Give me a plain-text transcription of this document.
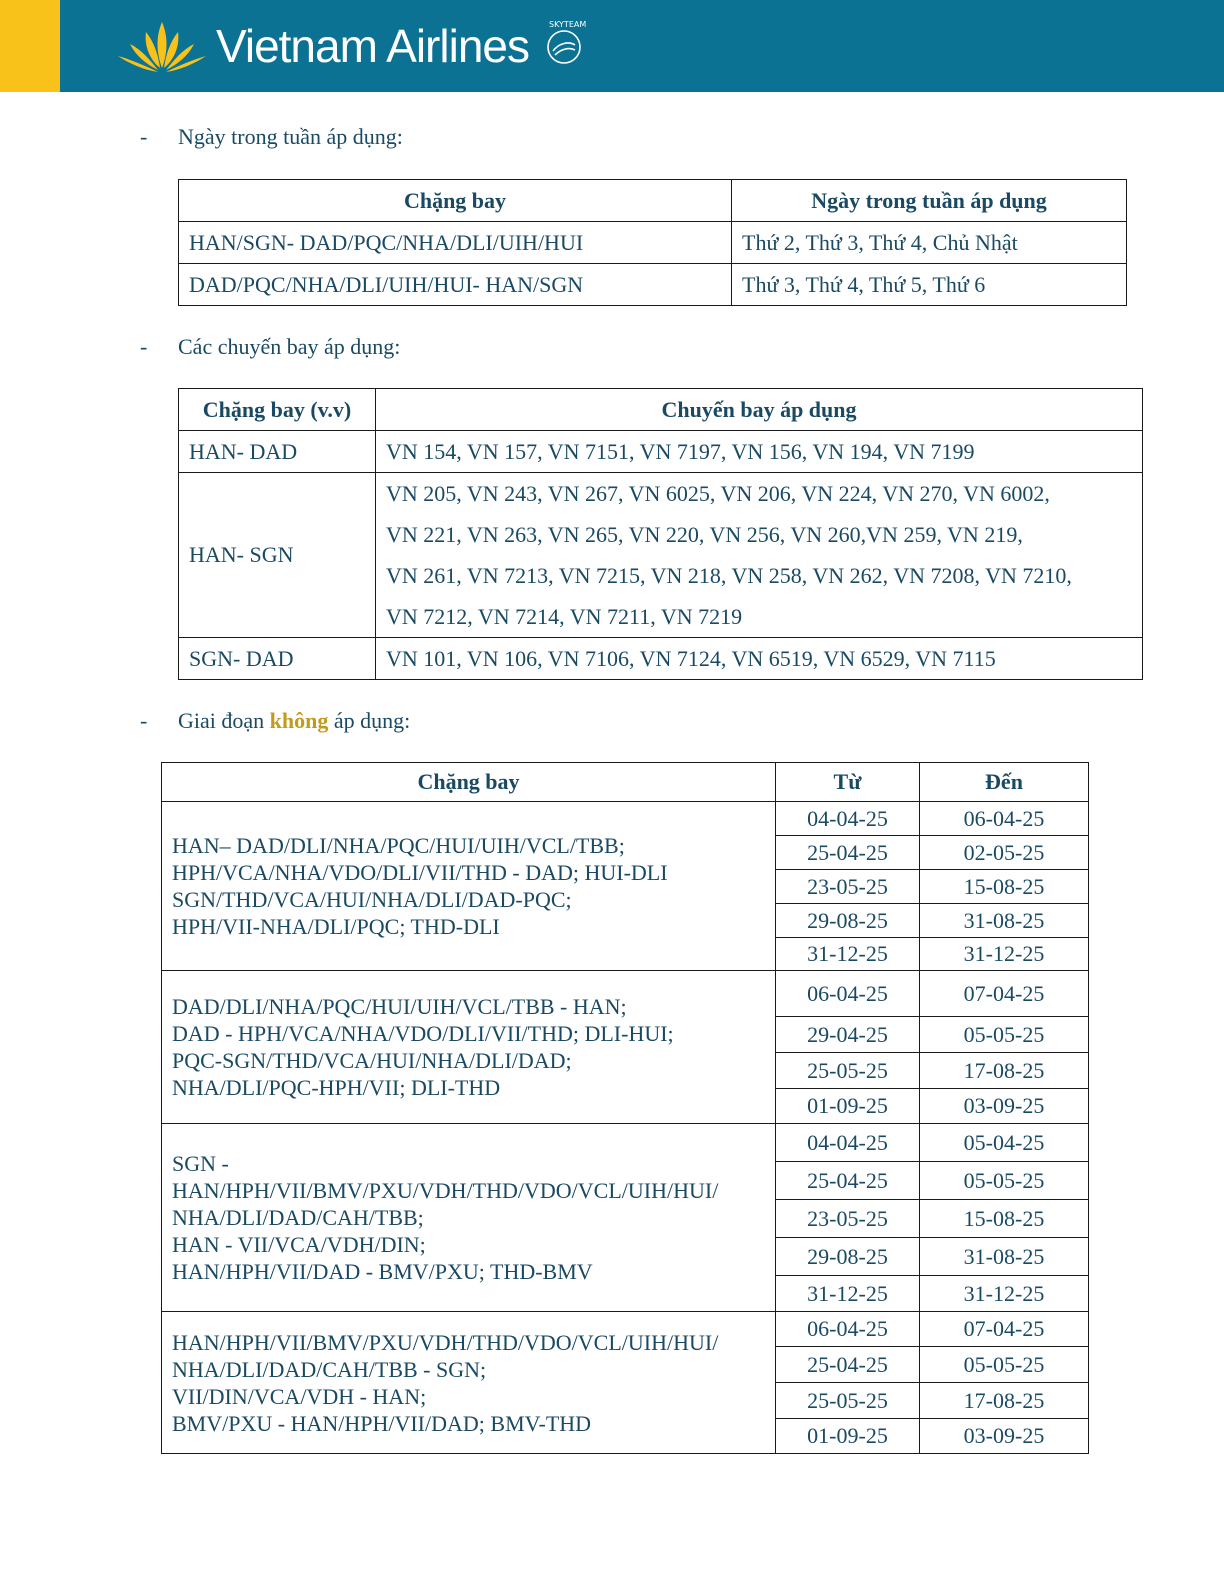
Vietnam Airlines	SKYTEAM
-	Ngày trong tuần áp dụng:
Chặng bay	Ngày trong tuần áp dụng
HAN/SGN- DAD/PQC/NHA/DLI/UIH/HUI	Thứ 2, Thứ 3, Thứ 4, Chủ Nhật
DAD/PQC/NHA/DLI/UIH/HUI- HAN/SGN	Thứ 3, Thứ 4, Thứ 5, Thứ 6
-	Các chuyến bay áp dụng:
Chặng bay (v.v)	Chuyến bay áp dụng
HAN- DAD	VN 154, VN 157, VN 7151, VN 7197, VN 156, VN 194, VN 7199

HAN- SGN	VN 205, VN 243, VN 267, VN 6025, VN 206, VN 224, VN 270, VN 6002,
VN 221, VN 263, VN 265, VN 220, VN 256, VN 260,VN 259, VN 219,
VN 261, VN 7213, VN 7215, VN 218, VN 258, VN 262, VN 7208, VN 7210,
VN 7212, VN 7214, VN 7211, VN 7219

SGN- DAD	VN 101, VN 106, VN 7106, VN 7124, VN 6519, VN 6529, VN 7115
-	Giai đoạn không áp dụng:
Chặng bay	Từ	Đến

HAN– DAD/DLI/NHA/PQC/HUI/UIH/VCL/TBB;
HPH/VCA/NHA/VDO/DLI/VII/THD - DAD; HUI-DLI
SGN/THD/VCA/HUI/NHA/DLI/DAD-PQC;
HPH/VII-NHA/DLI/PQC; THD-DLI	04-04-25	06-04-25
	25-04-25	02-05-25
	23-05-25	15-08-25
	29-08-25	31-08-25
	31-12-25	31-12-25

DAD/DLI/NHA/PQC/HUI/UIH/VCL/TBB - HAN;
DAD - HPH/VCA/NHA/VDO/DLI/VII/THD; DLI-HUI;
PQC-SGN/THD/VCA/HUI/NHA/DLI/DAD;
NHA/DLI/PQC-HPH/VII; DLI-THD	06-04-25	07-04-25
	29-04-25	05-05-25
	25-05-25	17-08-25
	01-09-25	03-09-25

SGN -
HAN/HPH/VII/BMV/PXU/VDH/THD/VDO/VCL/UIH/HUI/
NHA/DLI/DAD/CAH/TBB;
HAN - VII/VCA/VDH/DIN;
HAN/HPH/VII/DAD - BMV/PXU; THD-BMV	04-04-25	05-04-25
	25-04-25	05-05-25
	23-05-25	15-08-25
	29-08-25	31-08-25
	31-12-25	31-12-25

HAN/HPH/VII/BMV/PXU/VDH/THD/VDO/VCL/UIH/HUI/
NHA/DLI/DAD/CAH/TBB - SGN;
VII/DIN/VCA/VDH - HAN;
BMV/PXU - HAN/HPH/VII/DAD; BMV-THD	06-04-25	07-04-25
	25-04-25	05-05-25
	25-05-25	17-08-25
	01-09-25	03-09-25
